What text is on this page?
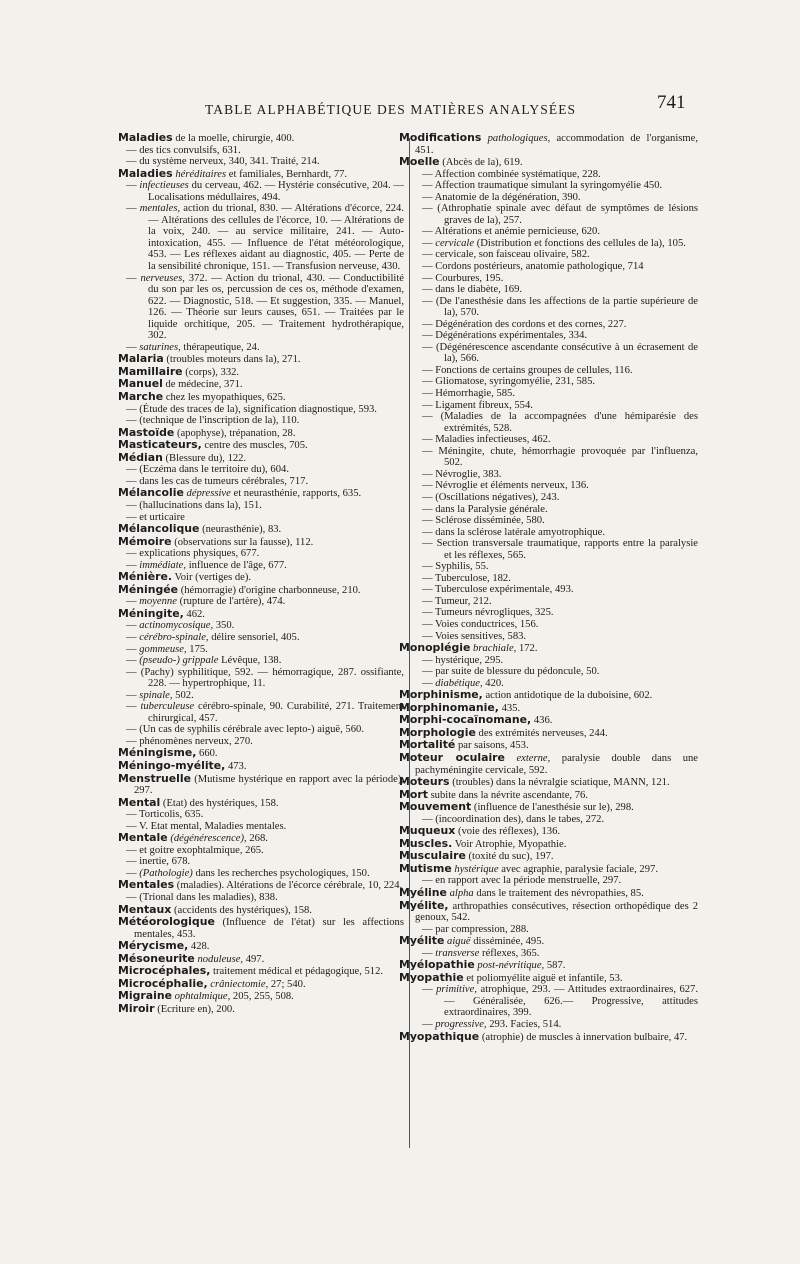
TABLE ALPHABÉTIQUE DES MATIÈRES ANALYSÉES	741
Maladies de la moelle, chirurgie, 400.
— des tics convulsifs, 631.
— du système nerveux, 340, 341. Traité, 214.
Maladies héréditaires et familiales, Bernhardt, 77.
— infectieuses du cerveau, 462. — Hystérie consécutive, 204. — Localisations médullaires, 494.
— mentales, action du trional, 830. — Altérations d'écorce, 224. — Altérations des cellules de l'écorce, 10. — Altérations de la voix, 240. — au service militaire, 241. — Auto-intoxication, 455. — Influence de l'état météorologique, 453. — Les réflexes aidant au diagnostic, 405. — Perte de la sensibilité chronique, 151. — Transfusion nerveuse, 430.
— nerveuses, 372. — Action du trional, 430. — Conductibilité du son par les os, percussion de ces os, méthode d'examen, 622. — Diagnostic, 518. — Et suggestion, 335. — Manuel, 126. — Théorie sur leurs causes, 651. — Traitées par le liquide orchitique, 205. — Traitement hydrothérapique, 302.
— saturines, thérapeutique, 24.
Malaria (troubles moteurs dans la), 271.
Mamillaire (corps), 332.
Manuel de médecine, 371.
Marche chez les myopathiques, 625.
— (Étude des traces de la), signification diagnostique, 593.
— (technique de l'inscription de la), 110.
Mastoïde (apophyse), trépanation, 28.
Masticateurs, centre des muscles, 705.
Médian (Blessure du), 122.
— (Eczéma dans le territoire du), 604.
— dans les cas de tumeurs cérébrales, 717.
Mélancolie dépressive et neurasthénie, rapports, 635.
— (hallucinations dans la), 151.
— et urticaire
Mélancolique (neurasthénie), 83.
Mémoire (observations sur la fausse), 112.
— explications physiques, 677.
— immédiate, influence de l'âge, 677.
Ménière. Voir (vertiges de).
Méningée (hémorragie) d'origine charbonneuse, 210.
— moyenne (rupture de l'artère), 474.
Méningite, 462.
— actinomycosique, 350.
— cérébro-spinale, délire sensoriel, 405.
— gommeuse, 175.
— (pseudo-) grippale Lévêque, 138.
— (Pachy) syphilitique, 592. — hémorragique, 287. ossifiante, 228. — hypertrophique, 11.
— spinale, 502.
— tuberculeuse cérébro-spinale, 90. Curabilité, 271. Traitement chirurgical, 457.
— (Un cas de syphilis cérébrale avec lepto-) aiguë, 560.
— phénomènes nerveux, 270.
Méningisme, 660.
Méningo-myélite, 473.
Menstruelle (Mutisme hystérique en rapport avec la période), 297.
Mental (Etat) des hystériques, 158.
— Torticolis, 635.
— V. Etat mental, Maladies mentales.
Mentale (dégénérescence), 268.
— et goitre exophtalmique, 265.
— inertie, 678.
— (Pathologie) dans les recherches psychologiques, 150.
Mentales (maladies). Altérations de l'écorce cérébrale, 10, 224.
— (Trional dans les maladies), 838.
Mentaux (accidents des hystériques), 158.
Météorologique (Influence de l'état) sur les affections mentales, 453.
Mérycisme, 428.
Mésoneurite noduleuse, 497.
Microcéphales, traitement médical et pédagogique, 512.
Microcéphalie, crâniectomie, 27; 540.
Migraine ophtalmique, 205, 255, 508.
Miroir (Ecriture en), 200.
Modifications pathologiques, accommodation de l'organisme, 451.
Moelle (Abcès de la), 619.
— Affection combinée systématique, 228.
— Affection traumatique simulant la syringomyélie 450.
— Anatomie de la dégénération, 390.
— (Athrophatie spinale avec défaut de symptômes de lésions graves de la), 257.
— Altérations et anémie pernicieuse, 620.
— cervicale (Distribution et fonctions des cellules de la), 105.
— cervicale, son faisceau olivaire, 582.
— Cordons postérieurs, anatomie pathologique, 714
— Courbures, 195.
— dans le diabète, 169.
— (De l'anesthésie dans les affections de la partie supérieure de la), 570.
— Dégénération des cordons et des cornes, 227.
— Dégénérations expérimentales, 334.
— (Dégénérescence ascendante consécutive à un écrasement de la), 566.
— Fonctions de certains groupes de cellules, 116.
— Gliomatose, syringomyélie, 231, 585.
— Hémorrhagie, 585.
— Ligament fibreux, 554.
— (Maladies de la accompagnées d'une hémiparésie des extrémités, 528.
— Maladies infectieuses, 462.
— Méningite, chute, hémorrhagie provoquée par l'influenza, 502.
— Névroglie, 383.
— Névroglie et éléments nerveux, 136.
— (Oscillations négatives), 243.
— dans la Paralysie générale.
— Sclérose disséminée, 580.
— dans la sclérose latérale amyotrophique.
— Section transversale traumatique, rapports entre la paralysie et les réflexes, 565.
— Syphilis, 55.
— Tuberculose, 182.
— Tuberculose expérimentale, 493.
— Tumeur, 212.
— Tumeurs névrogliques, 325.
— Voies conductrices, 156.
— Voies sensitives, 583.
Monoplégie brachiale, 172.
— hystérique, 295.
— par suite de blessure du pédoncule, 50.
— diabétique, 420.
Morphinisme, action antidotique de la duboisine, 602.
Morphinomanie, 435.
Morphi-cocaïnomane, 436.
Morphologie des extrémités nerveuses, 244.
Mortalité par saisons, 453.
Moteur oculaire externe, paralysie double dans une pachyméningite cervicale, 592.
Moteurs (troubles) dans la névralgie sciatique, MANN, 121.
Mort subite dans la névrite ascendante, 76.
Mouvement (influence de l'anesthésie sur le), 298.
— (incoordination des), dans le tabes, 272.
Muqueux (voie des réflexes), 136.
Muscles. Voir Atrophie, Myopathie.
Musculaire (toxité du suc), 197.
Mutisme hystérique avec agraphie, paralysie faciale, 297.
— en rapport avec la période menstruelle, 297.
Myéline alpha dans le traitement des névropathies, 85.
Myélite, arthropathies consécutives, résection orthopédique des 2 genoux, 542.
— par compression, 288.
Myélite aiguë disséminée, 495.
— transverse réflexes, 365.
Myélopathie post-névritique, 587.
Myopathie et poliomyélite aiguë et infantile, 53.
— primitive, atrophique, 293. — Attitudes extraordinaires, 627.— Généralisée, 626.— Progressive, attitudes extraordinaires, 399.
— progressive, 293. Facies, 514.
Myopathique (atrophie) de muscles à innervation bulbaire, 47.
